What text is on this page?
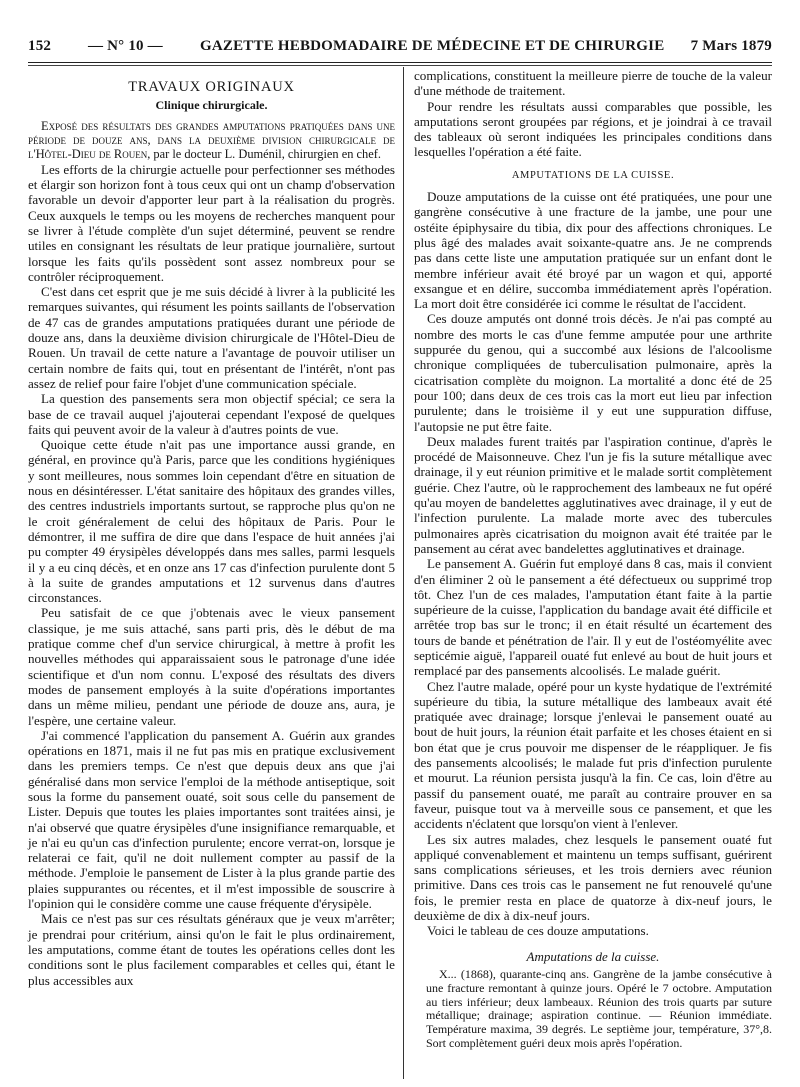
152 — N° 10 — GAZETTE HEBDOMADAIRE DE MÉDECINE ET DE CHIRURGIE 7 Mars 1879
TRAVAUX ORIGINAUX
Clinique chirurgicale.

Exposé des résultats des grandes amputations pratiquées dans une période de douze ans, dans la deuxième division chirurgicale de l'Hôtel-Dieu de Rouen, par le docteur L. Duménil, chirurgien en chef.

Les efforts de la chirurgie actuelle pour perfectionner ses méthodes et élargir son horizon font à tous ceux qui ont un champ d'observation favorable un devoir d'apporter leur part à la réalisation du progrès. Ceux auxquels le temps ou les moyens de recherches manquent pour se livrer à l'étude complète d'un sujet déterminé, peuvent se rendre utiles en consignant les résultats de leur pratique journalière, surtout lorsque les faits qu'ils possèdent sont assez nombreux pour se contrôler réciproquement.

C'est dans cet esprit que je me suis décidé à livrer à la publicité les remarques suivantes, qui résument les points saillants de l'observation de 47 cas de grandes amputations pratiquées durant une période de douze ans, dans la deuxième division chirurgicale de l'Hôtel-Dieu de Rouen. Un travail de cette nature a l'avantage de pouvoir utiliser un certain nombre de faits qui, tout en présentant de l'intérêt, n'ont pas assez de relief pour faire l'objet d'une communication spéciale.

La question des pansements sera mon objectif spécial; ce sera la base de ce travail auquel j'ajouterai cependant l'exposé de quelques faits qui peuvent avoir de la valeur à d'autres points de vue.

Quoique cette étude n'ait pas une importance aussi grande, en général, en province qu'à Paris, parce que les conditions hygiéniques y sont meilleures, nous sommes loin cependant d'être en situation de nous en désintéresser. L'état sanitaire des hôpitaux des grandes villes, des centres industriels importants surtout, se rapproche plus qu'on ne le croit généralement de celui des hôpitaux de Paris. Pour le démontrer, il me suffira de dire que dans l'espace de huit années j'ai pu compter 49 érysipèles développés dans mes salles, parmi lesquels il y a eu cinq décès, et en onze ans 17 cas d'infection purulente dont 5 à la suite de grandes amputations et 12 survenus dans d'autres circonstances.

Peu satisfait de ce que j'obtenais avec le vieux pansement classique, je me suis attaché, sans parti pris, dès le début de ma pratique comme chef d'un service chirurgical, à mettre à profit les nouvelles méthodes qui apparaissaient sous le patronage d'une idée scientifique et d'un nom connu. L'exposé des résultats des divers modes de pansement employés à la suite d'opérations importantes dans un même milieu, pendant une période de douze ans, aura, je l'espère, une certaine valeur.

J'ai commencé l'application du pansement A. Guérin aux grandes opérations en 1871, mais il ne fut pas mis en pratique exclusivement dans les premiers temps. Ce n'est que depuis deux ans que j'ai généralisé dans mon service l'emploi de la méthode antiseptique, soit sous la forme du pansement ouaté, soit sous celle du pansement de Lister. Depuis que toutes les plaies importantes sont traitées ainsi, je n'ai observé que quatre érysipèles d'une insignifiance remarquable, et je n'ai eu qu'un cas d'infection purulente; encore verrat-on, lorsque je relaterai ce fait, qu'il ne doit nullement compter au passif de la méthode. J'emploie le pansement de Lister à la plus grande partie des plaies suppurantes ou récentes, et il m'est impossible de souscrire à l'opinion qui le considère comme une cause fréquente d'érysipèle.

Mais ce n'est pas sur ces résultats généraux que je veux m'arrêter; je prendrai pour critérium, ainsi qu'on le fait le plus ordinairement, les amputations, comme étant de toutes les opérations celles dont les conditions sont le plus facilement comparables et celles qui, étant le plus accessibles aux

complications, constituent la meilleure pierre de touche de la valeur d'une méthode de traitement.

Pour rendre les résultats aussi comparables que possible, les amputations seront groupées par régions, et je joindrai à ce travail des tableaux où seront indiquées les principales conditions dans lesquelles l'opération a été faite.

AMPUTATIONS DE LA CUISSE.

Douze amputations de la cuisse ont été pratiquées, une pour une gangrène consécutive à une fracture de la jambe, une pour une ostéite épiphysaire du tibia, dix pour des affections chroniques. Le plus âgé des malades avait soixante-quatre ans. Je ne comprends pas dans cette liste une amputation pratiquée sur un enfant dont le membre inférieur avait été broyé par un wagon et qui, apporté exsangue et en délire, succomba immédiatement après l'opération. La mort doit être considérée ici comme le résultat de l'accident.

Ces douze amputés ont donné trois décès. Je n'ai pas compté au nombre des morts le cas d'une femme amputée pour une arthrite suppurée du genou, qui a succombé aux lésions de l'alcoolisme chronique compliquées de tuberculisation pulmonaire, après la cicatrisation complète du moignon. La mortalité a donc été de 25 pour 100; dans deux de ces trois cas la mort eut lieu par infection purulente; dans le troisième il y eut une suppuration diffuse, l'autopsie ne put être faite.

Deux malades furent traités par l'aspiration continue, d'après le procédé de Maisonneuve. Chez l'un je fis la suture métallique avec drainage, il y eut réunion primitive et le malade sortit complètement guérie. Chez l'autre, où le rapprochement des lambeaux ne fut opéré qu'au moyen de bandelettes agglutinatives avec drainage, il y eut de l'infection purulente. La malade morte avec des tubercules pulmonaires après cicatrisation du moignon avait été traitée par le pansement au cérat avec bandelettes agglutinatives et drainage.

Le pansement A. Guérin fut employé dans 8 cas, mais il convient d'en éliminer 2 où le pansement a été défectueux ou supprimé trop tôt. Chez l'un de ces malades, l'amputation étant faite à la partie supérieure de la cuisse, l'application du bandage avait été difficile et arrêtée trop bas sur le tronc; il en était résulté un écartement des tours de bande et pénétration de l'air. Il y eut de l'ostéomyélite avec septicémie aiguë, l'appareil ouaté fut enlevé au bout de huit jours et remplacé par des pansements alcoolisés. Le malade guérit.

Chez l'autre malade, opéré pour un kyste hydatique de l'extrémité supérieure du tibia, la suture métallique des lambeaux avait été pratiquée avec drainage; lorsque j'enlevai le pansement ouaté au bout de huit jours, la réunion était parfaite et les choses étaient en si bon état que je crus pouvoir me dispenser de le réappliquer. Je fis des pansements alcoolisés; le malade fut pris d'infection purulente et mourut. La réunion persista jusqu'à la fin. Ce cas, loin d'être au passif du pansement ouaté, me paraît au contraire prouver en sa faveur, puisque tout va à merveille sous ce pansement, et que les accidents n'éclatent que lorsqu'on vient à l'enlever.

Les six autres malades, chez lesquels le pansement ouaté fut appliqué convenablement et maintenu un temps suffisant, guérirent sans complications sérieuses, et les trois derniers avec réunion primitive. Dans ces trois cas le pansement ne fut renouvelé qu'une fois, le premier resta en place de quatorze à dix-neuf jours, le deuxième de dix à dix-neuf jours.

Voici le tableau de ces douze amputations.

Amputations de la cuisse.

X... (1868), quarante-cinq ans. Gangrène de la jambe consécutive à une fracture remontant à quinze jours. Opéré le 7 octobre. Amputation au tiers inférieur; deux lambeaux. Réunion des trois quarts par suture métallique; drainage; aspiration continue. — Réunion immédiate. Température maxima, 39 degrés. Le septième jour, température, 37°,8. Sort complètement guéri deux mois après l'opération.
